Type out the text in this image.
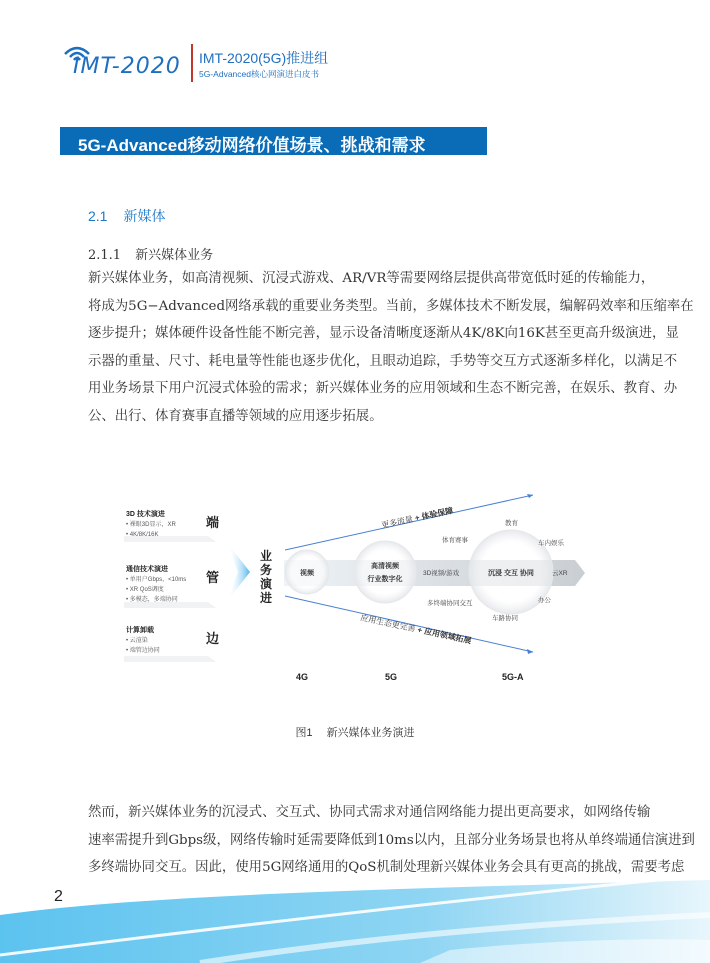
IMT-2020 IMT-2020(5G)推进组
5G-Advanced核心网演进白皮书
5G-Advanced移动网络价值场景、挑战和需求
2.1 新媒体
2.1.1 新兴媒体业务
新兴媒体业务，如高清视频、沉浸式游戏、AR/VR等需要网络层提供高带宽低时延的传输能力，
将成为5G−Advanced网络承载的重要业务类型。当前，多媒体技术不断发展，编解码效率和压缩率在
逐步提升；媒体硬件设备性能不断完善，显示设备清晰度逐渐从4K/8K向16K甚至更高升级演进，显
示器的重量、尺寸、耗电量等性能也逐步优化，且眼动追踪，手势等交互方式逐渐多样化，以满足不
用业务场景下用户沉浸式体验的需求；新兴媒体业务的应用领域和生态不断完善，在娱乐、教育、办
公、出行、体育赛事直播等领域的应用逐步拓展。
3D 技术演进
• 裸眼3D显示，XR
• 4K/8K/16K
端
通信技术演进
• 单用户Gbps，<10ms
• XR QoS调度
• 多模态，多端协同
管
计算卸载
• 云渲染
• 端管边协同
边
业
务
演
进
更多流量 + 体验保障
应用生态更完善 + 应用领域拓展
视频
高清视频
行业数字化
沉浸 交互 协同
体育赛事
3D视频/游戏
多终端协同交互
教育
车内娱乐
云XR
办公
车路协同
4G	5G	5G-A
图1 新兴媒体业务演进
然而，新兴媒体业务的沉浸式、交互式、协同式需求对通信网络能力提出更高要求，如网络传输
速率需提升到Gbps级，网络传输时延需要降低到10ms以内，且部分业务场景也将从单终端通信演进到
多终端协同交互。因此，使用5G网络通用的QoS机制处理新兴媒体业务会具有更高的挑战，需要考虑
2
